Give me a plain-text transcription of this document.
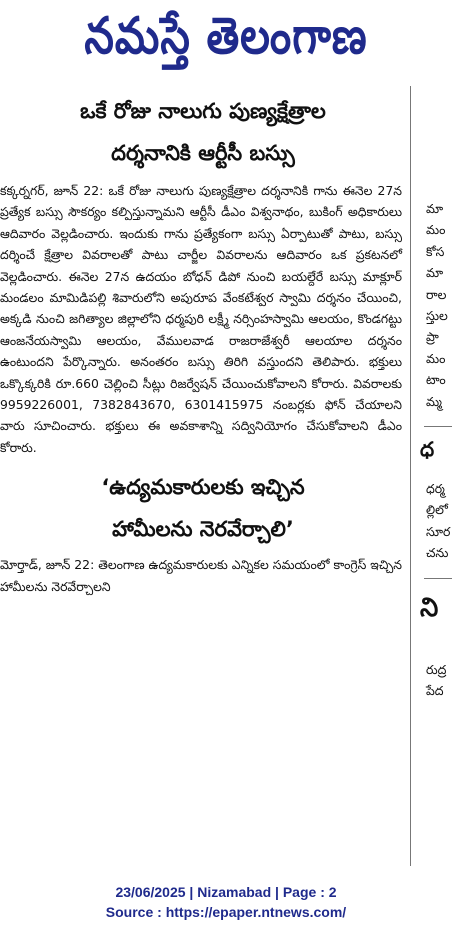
నమస్తే తెలంగాణ

ఒకే రోజు నాలుగు పుణ్యక్షేత్రాల

దర్శనానికి ఆర్టీసీ బస్సు

కక్కర్నగర్, జూన్ 22: ఒకే రోజు నాలుగు పుణ్యక్షేత్రాల దర్శనానికి గాను ఈనెల 27న ప్రత్యేక బస్సు సౌకర్యం కల్పిస్తున్నామని ఆర్టీసీ డీఎం విశ్వనాథం, బుకింగ్ అధికారులు ఆదివారం వెల్లడించారు. ఇందుకు గాను ప్రత్యేకంగా బస్సు ఏర్పాటుతో పాటు, బస్సు దర్శించే క్షేత్రాల వివరాలతో పాటు చార్జీల వివరాలను ఆదివారం ఒక ప్రకటనలో వెల్లడించారు. ఈనెల 27న ఉదయం బోధన్ డిపో నుంచి బయల్దేరే బస్సు మాక్లూర్ మండలం మామిడిపల్లి శివారులోని అపురూప వేంకటేశ్వర స్వామి దర్శనం చేయించి, అక్కడి నుంచి జగిత్యాల జిల్లాలోని ధర్మపురి లక్ష్మీ నర్సింహస్వామి ఆలయం, కొండగట్టు ఆంజనేయస్వామి ఆలయం, వేములవాడ రాజరాజేశ్వరీ ఆలయాల దర్శనం ఉంటుందని పేర్కొన్నారు. అనంతరం బస్సు తిరిగి వస్తుందని తెలిపారు. భక్తులు ఒక్కొక్కరికి రూ.660 చెల్లించి సీట్లు రిజర్వేషన్ చేయించుకోవాలని కోరారు. వివరాలకు 9959226001, 7382843670, 6301415975 నంబర్లకు ఫోన్ చేయాలని వారు సూచించారు. భక్తులు ఈ అవకాశాన్ని సద్వినియోగం చేసుకోవాలని డీఎం కోరారు.

‘ఉద్యమకారులకు ఇచ్చిన

హామీలను నెరవేర్చాలి’

మోర్తాడ్, జూన్ 22: తెలంగాణ ఉద్యమకారులకు ఎన్నికల సమయంలో కాంగ్రెస్ ఇచ్చిన హామీలను నెరవేర్చాలని

మా

మం

కోస

మా

రాల

స్తుల

ప్రా

మం

టాం

మ్మ

ధ

ధర్మ

ల్లిలో

సూర

చను

ని

రుద్ర

పేద

23/06/2025 | Nizamabad | Page : 2
Source : https://epaper.ntnews.com/
